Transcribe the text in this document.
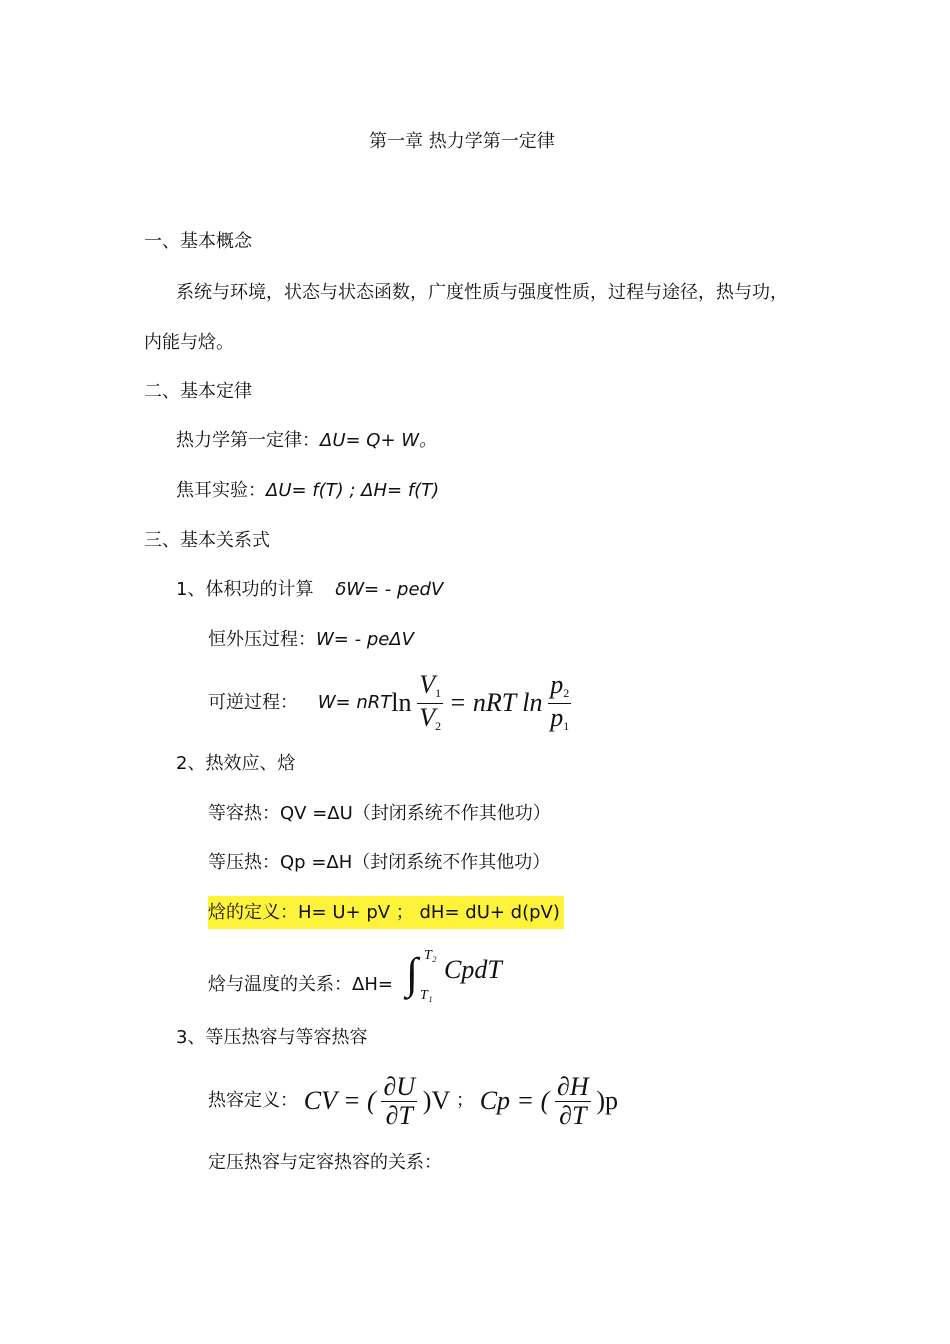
第一章 热力学第一定律
一、基本概念
系统与环境，状态与状态函数，广度性质与强度性质，过程与途径，热与功，
内能与焓。
二、基本定律
热力学第一定律：ΔU= Q+ W。
焦耳实验：ΔU= f(T) ; ΔH= f(T)
三、基本关系式
1、体积功的计算 δW= - pedV
恒外压过程：W= - peΔV
可逆过程： W= nRTln $\frac{V1}{V2}$ = nRT $\ln \frac{p2}{p1}$
2、热效应、焓
等容热：QV =ΔU（封闭系统不作其他功）
等压热：Qp =ΔH（封闭系统不作其他功）
焓的定义：H= U+ pV ； dH= dU+ d(pV)
焓与温度的关系：ΔH= ∫ T₂
T₁
CpdT
3、等压热容与等容热容
热容定义： CV = ( $\frac{\partial U}{\partial T} )V$ ； Cp = ( $\frac{\partial H}{\partial T} )p$
定压热容与定容热容的关系：
